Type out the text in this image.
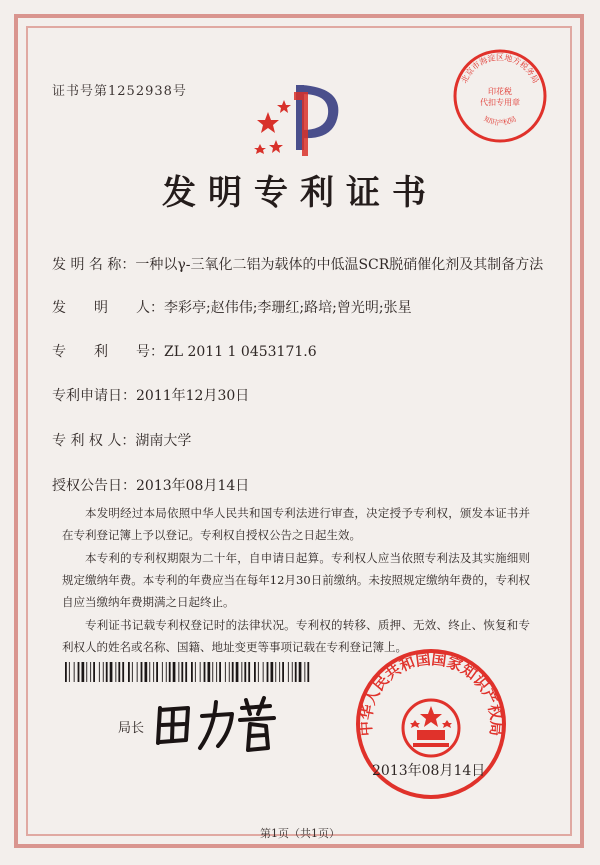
证书号第1252938号
发明专利证书
发 明 名 称：一种以γ-三氧化二铝为载体的中低温SCR脱硝催化剂及其制备方法
发　　明　　人：李彩亭;赵伟伟;李珊红;路培;曾光明;张星
专　　利　　号：ZL 2011 1 0453171.6
专利申请日：2011年12月30日
专 利 权 人：湖南大学
授权公告日：2013年08月14日

本发明经过本局依照中华人民共和国专利法进行审查，决定授予专利权，颁发本证书并在专利登记簿上予以登记。专利权自授权公告之日起生效。

本专利的专利权期限为二十年，自申请日起算。专利权人应当依照专利法及其实施细则规定缴纳年费。本专利的年费应当在每年12月30日前缴纳。未按照规定缴纳年费的，专利权自应当缴纳年费期满之日起终止。

专利证书记载专利权登记时的法律状况。专利权的转移、质押、无效、终止、恢复和专利权人的姓名或名称、国籍、地址变更等事项记载在专利登记簿上。

北京市海淀区地方税务局
印花税
代扣专用章
知识产权局
局长	中华人民共和国国家知识产权局
2013年08月14日
第1页（共1页）
